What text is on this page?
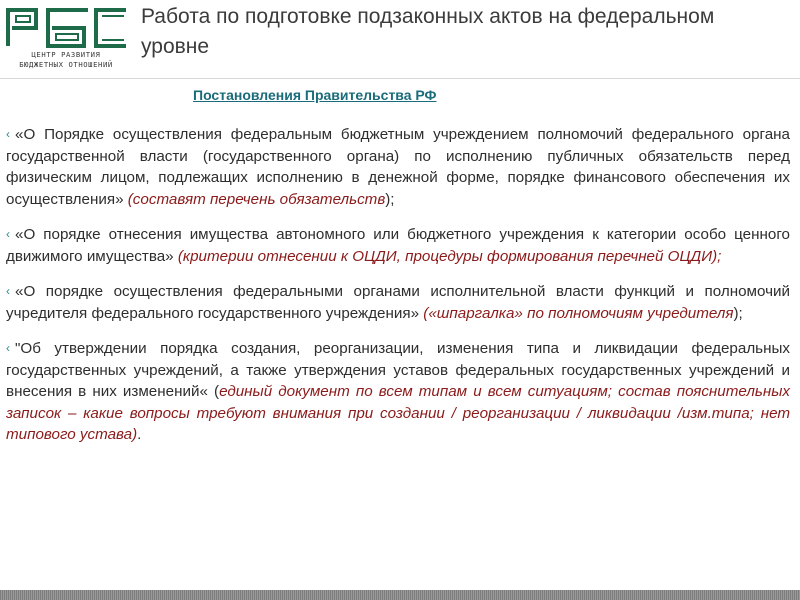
ЦЕНТР РАЗВИТИЯ
БЮДЖЕТНЫХ ОТНОШЕНИЙ
Работа по подготовке подзаконных актов на федеральном уровне
Постановления Правительства РФ

‹ «О Порядке осуществления федеральным бюджетным учреждением полномочий федерального органа государственной власти (государственного органа) по исполнению публичных обязательств перед физическим лицом, подлежащих исполнению в денежной форме, порядке финансового обеспечения их осуществления» (составят перечень обязательств);

‹ «О порядке отнесения имущества автономного или бюджетного учреждения к категории особо ценного движимого имущества» (критерии отнесении к ОЦДИ, процедуры формирования перечней ОЦДИ);

‹ «О порядке осуществления федеральными органами исполнительной власти функций и полномочий учредителя федерального государственного учреждения» («шпаргалка» по полномочиям учредителя);

‹ "Об утверждении порядка создания, реорганизации, изменения типа и ликвидации федеральных государственных учреждений, а также утверждения уставов федеральных государственных учреждений и внесения в них изменений« (единый документ по всем типам и всем ситуациям; состав пояснительных записок – какие вопросы требуют внимания при создании / реорганизации / ликвидации /изм.типа; нет типового устава).
